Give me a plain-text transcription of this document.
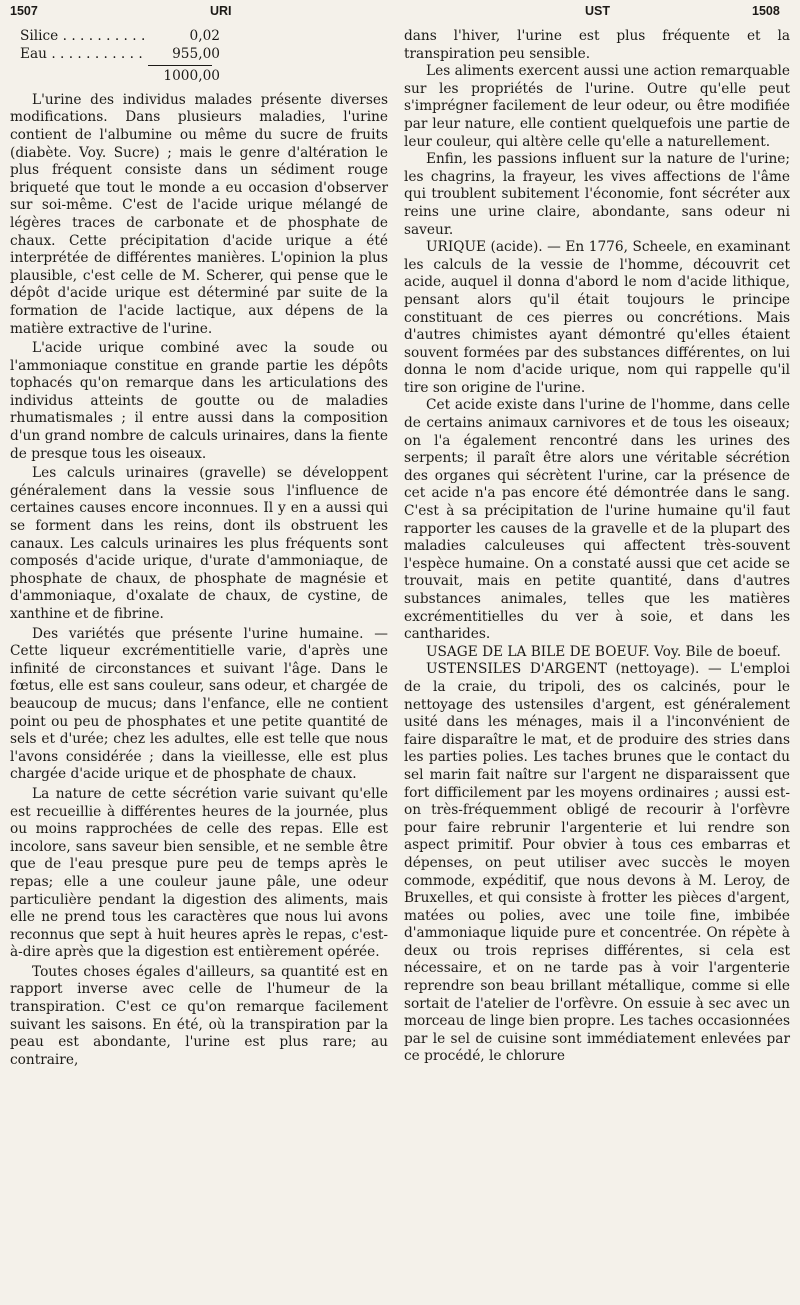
1507	URI	UST	1508
Silice . . . . . . . . . .	0,02
Eau . . . . . . . . . . . 955,00
1000,00

L'urine des individus malades présente diverses modifications. Dans plusieurs maladies, l'urine contient de l'albumine ou même du sucre de fruits (diabète. Voy. Sucre) ; mais le genre d'altération le plus fréquent consiste dans un sédiment rouge briqueté que tout le monde a eu occasion d'observer sur soi-même. C'est de l'acide urique mélangé de légères traces de carbonate et de phosphate de chaux. Cette précipitation d'acide urique a été interprétée de différentes manières. L'opinion la plus plausible, c'est celle de M. Scherer, qui pense que le dépôt d'acide urique est déterminé par suite de la formation de l'acide lactique, aux dépens de la matière extractive de l'urine.

L'acide urique combiné avec la soude ou l'ammoniaque constitue en grande partie les dépôts tophacés qu'on remarque dans les articulations des individus atteints de goutte ou de maladies rhumatismales ; il entre aussi dans la composition d'un grand nombre de calculs urinaires, dans la fiente de presque tous les oiseaux.

Les calculs urinaires (gravelle) se développent généralement dans la vessie sous l'influence de certaines causes encore inconnues. Il y en a aussi qui se forment dans les reins, dont ils obstruent les canaux. Les calculs urinaires les plus fréquents sont composés d'acide urique, d'urate d'ammoniaque, de phosphate de chaux, de phosphate de magnésie et d'ammoniaque, d'oxalate de chaux, de cystine, de xanthine et de fibrine.

Des variétés que présente l'urine humaine. — Cette liqueur excrémentitielle varie, d'après une infinité de circonstances et suivant l'âge. Dans le fœtus, elle est sans couleur, sans odeur, et chargée de beaucoup de mucus; dans l'enfance, elle ne contient point ou peu de phosphates et une petite quantité de sels et d'urée; chez les adultes, elle est telle que nous l'avons considérée ; dans la vieillesse, elle est plus chargée d'acide urique et de phosphate de chaux.

La nature de cette sécrétion varie suivant qu'elle est recueillie à différentes heures de la journée, plus ou moins rapprochées de celle des repas. Elle est incolore, sans saveur bien sensible, et ne semble être que de l'eau presque pure peu de temps après le repas; elle a une couleur jaune pâle, une odeur particulière pendant la digestion des aliments, mais elle ne prend tous les caractères que nous lui avons reconnus que sept à huit heures après le repas, c'est-à-dire après que la digestion est entièrement opérée.

Toutes choses égales d'ailleurs, sa quantité est en rapport inverse avec celle de l'humeur de la transpiration. C'est ce qu'on remarque facilement suivant les saisons. En été, où la transpiration par la peau est abondante, l'urine est plus rare; au contraire,

dans l'hiver, l'urine est plus fréquente et la transpiration peu sensible.

Les aliments exercent aussi une action remarquable sur les propriétés de l'urine. Outre qu'elle peut s'imprégner facilement de leur odeur, ou être modifiée par leur nature, elle contient quelquefois une partie de leur couleur, qui altère celle qu'elle a naturellement.

Enfin, les passions influent sur la nature de l'urine; les chagrins, la frayeur, les vives affections de l'âme qui troublent subitement l'économie, font sécréter aux reins une urine claire, abondante, sans odeur ni saveur.

URIQUE (acide). — En 1776, Scheele, en examinant les calculs de la vessie de l'homme, découvrit cet acide, auquel il donna d'abord le nom d'acide lithique, pensant alors qu'il était toujours le principe constituant de ces pierres ou concrétions. Mais d'autres chimistes ayant démontré qu'elles étaient souvent formées par des substances différentes, on lui donna le nom d'acide urique, nom qui rappelle qu'il tire son origine de l'urine.

Cet acide existe dans l'urine de l'homme, dans celle de certains animaux carnivores et de tous les oiseaux; on l'a également rencontré dans les urines des serpents; il paraît être alors une véritable sécrétion des organes qui sécrètent l'urine, car la présence de cet acide n'a pas encore été démontrée dans le sang. C'est à sa précipitation de l'urine humaine qu'il faut rapporter les causes de la gravelle et de la plupart des maladies calculeuses qui affectent très-souvent l'espèce humaine. On a constaté aussi que cet acide se trouvait, mais en petite quantité, dans d'autres substances animales, telles que les matières excrémentitielles du ver à soie, et dans les cantharides.

USAGE DE LA BILE DE BOEUF. Voy. Bile de boeuf.

USTENSILES D'ARGENT (nettoyage). — L'emploi de la craie, du tripoli, des os calcinés, pour le nettoyage des ustensiles d'argent, est généralement usité dans les ménages, mais il a l'inconvénient de faire disparaître le mat, et de produire des stries dans les parties polies. Les taches brunes que le contact du sel marin fait naître sur l'argent ne disparaissent que fort difficilement par les moyens ordinaires ; aussi est-on très-fréquemment obligé de recourir à l'orfèvre pour faire rebrunir l'argenterie et lui rendre son aspect primitif. Pour obvier à tous ces embarras et dépenses, on peut utiliser avec succès le moyen commode, expéditif, que nous devons à M. Leroy, de Bruxelles, et qui consiste à frotter les pièces d'argent, matées ou polies, avec une toile fine, imbibée d'ammoniaque liquide pure et concentrée. On répète à deux ou trois reprises différentes, si cela est nécessaire, et on ne tarde pas à voir l'argenterie reprendre son beau brillant métallique, comme si elle sortait de l'atelier de l'orfèvre. On essuie à sec avec un morceau de linge bien propre. Les taches occasionnées par le sel de cuisine sont immédiatement enlevées par ce procédé, le chlorure
